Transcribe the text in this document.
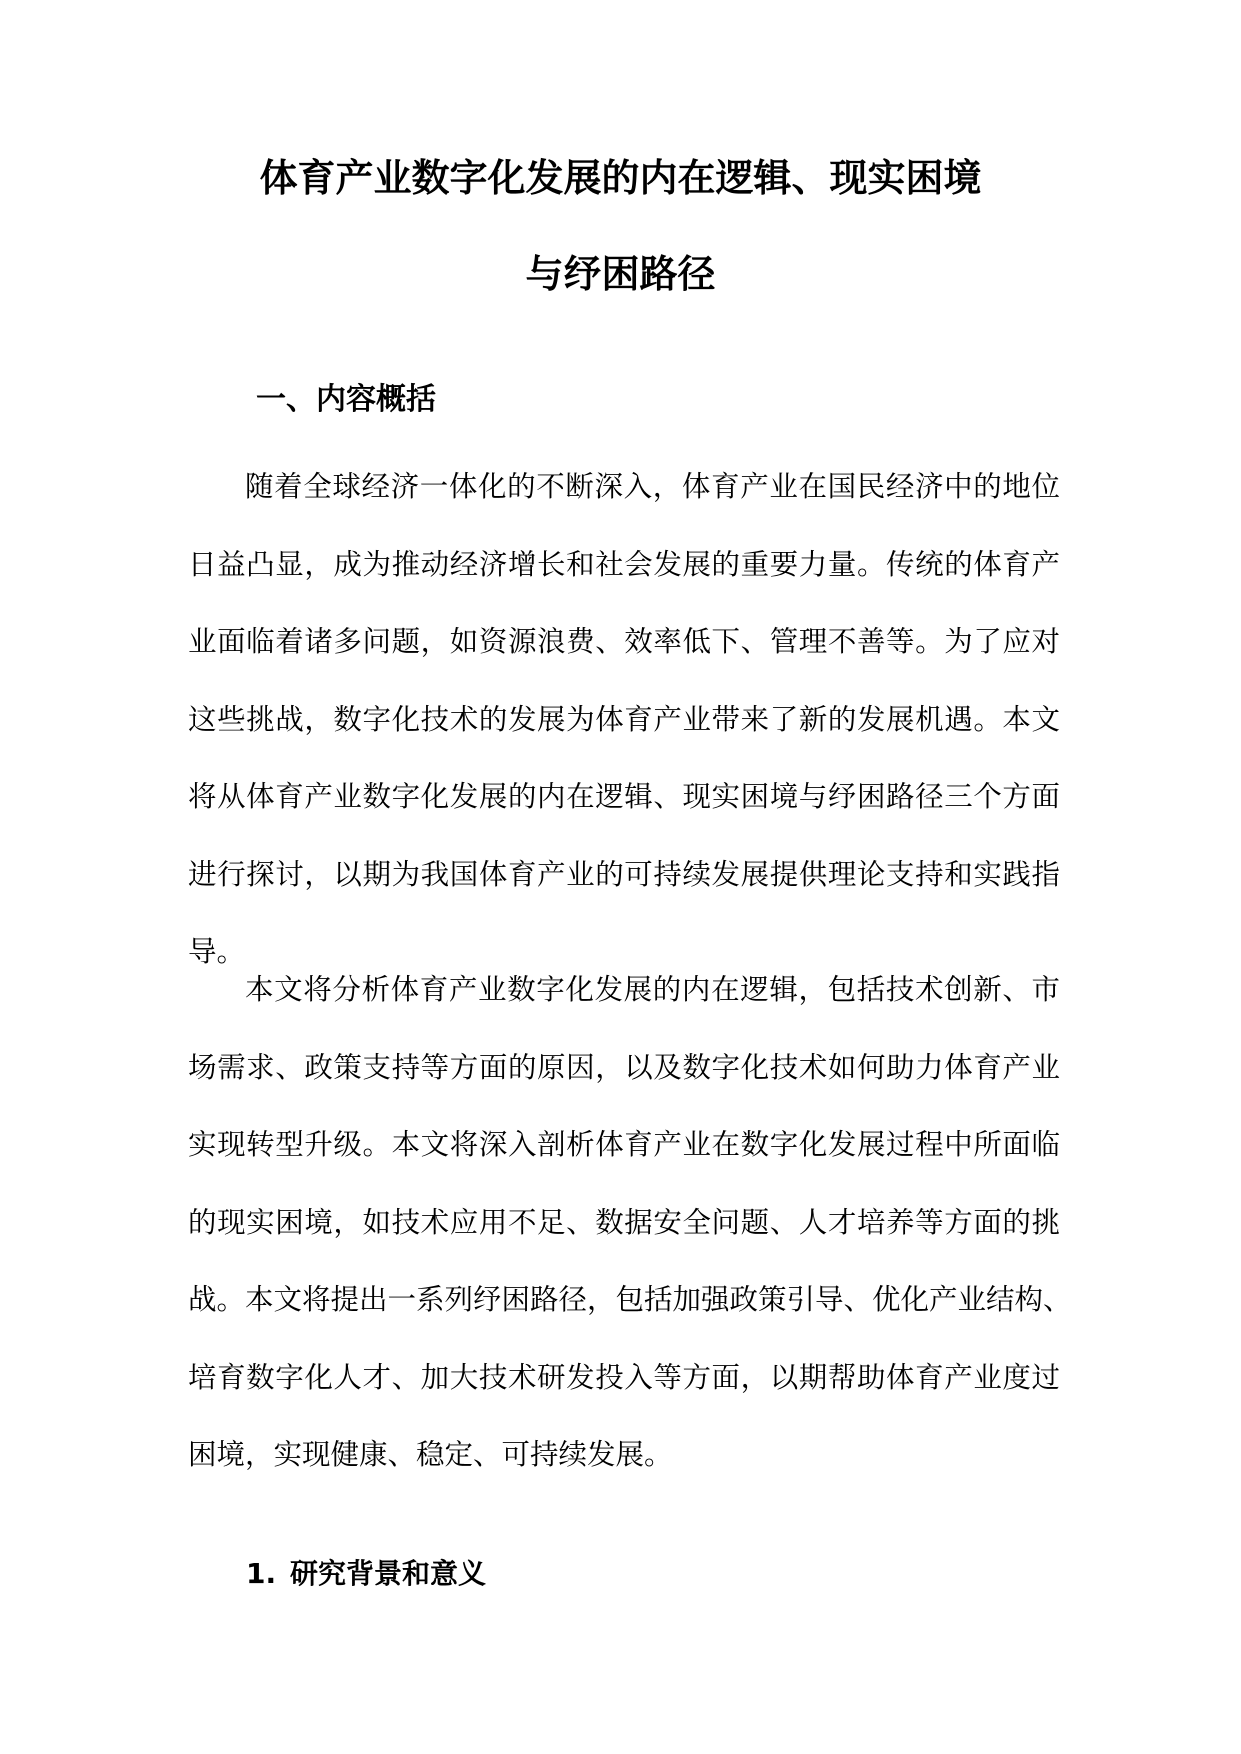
体育产业数字化发展的内在逻辑、现实困境
与纾困路径
一、内容概括

随着全球经济一体化的不断深入，体育产业在国民经济中的地位
日益凸显，成为推动经济增长和社会发展的重要力量。传统的体育产
业面临着诸多问题，如资源浪费、效率低下、管理不善等。为了应对
这些挑战，数字化技术的发展为体育产业带来了新的发展机遇。本文
将从体育产业数字化发展的内在逻辑、现实困境与纾困路径三个方面
进行探讨，以期为我国体育产业的可持续发展提供理论支持和实践指
导。

本文将分析体育产业数字化发展的内在逻辑，包括技术创新、市
场需求、政策支持等方面的原因，以及数字化技术如何助力体育产业
实现转型升级。本文将深入剖析体育产业在数字化发展过程中所面临
的现实困境，如技术应用不足、数据安全问题、人才培养等方面的挑
战。本文将提出一系列纾困路径，包括加强政策引导、优化产业结构、
培育数字化人才、加大技术研发投入等方面，以期帮助体育产业度过
困境，实现健康、稳定、可持续发展。

1. 研究背景和意义
